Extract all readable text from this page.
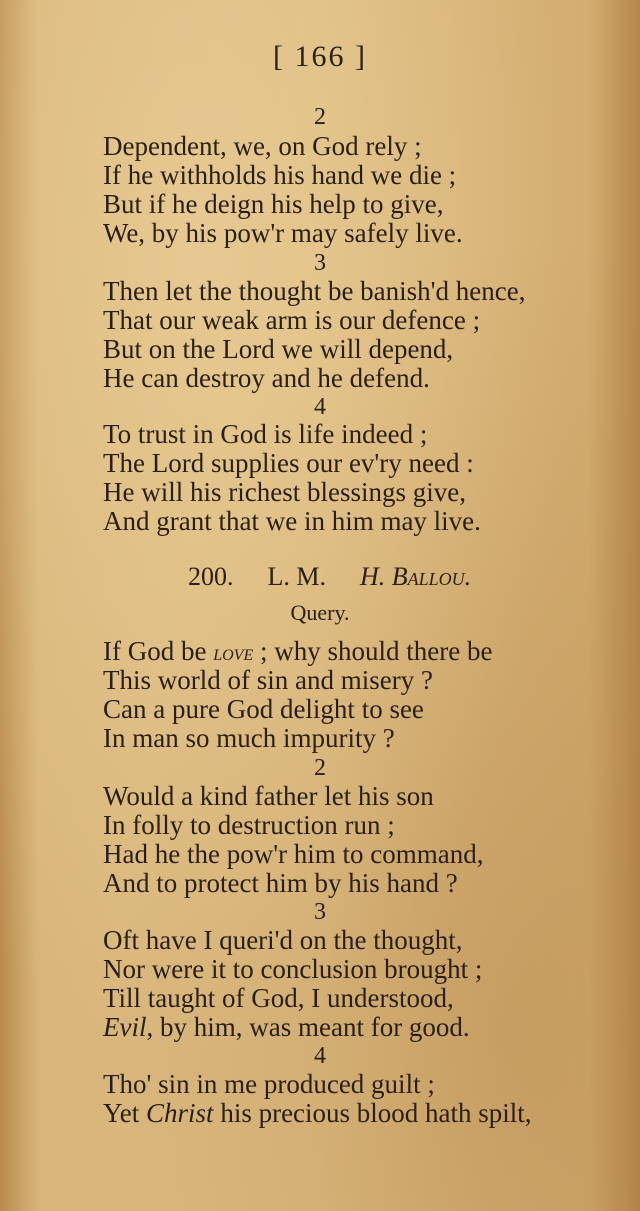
[ 166 ]
2
Dependent, we, on God rely ;
If he withholds his hand we die ;
But if he deign his help to give,
We, by his pow'r may safely live.
3
Then let the thought be banish'd hence,
That our weak arm is our defence ;
But on the Lord we will depend,
He can destroy and he defend.
4
To trust in God is life indeed ;
The Lord supplies our ev'ry need :
He will his richest blessings give,
And grant that we in him may live.
200. L. M. H. Ballou.
Query.
If God be love ; why should there be
This world of sin and misery ?
Can a pure God delight to see
In man so much impurity ?
2
Would a kind father let his son
In folly to destruction run ;
Had he the pow'r him to command,
And to protect him by his hand ?
3
Oft have I queri'd on the thought,
Nor were it to conclusion brought ;
Till taught of God, I understood,
Evil, by him, was meant for good.
4
Tho' sin in me produced guilt ;
Yet Christ his precious blood hath spilt,
